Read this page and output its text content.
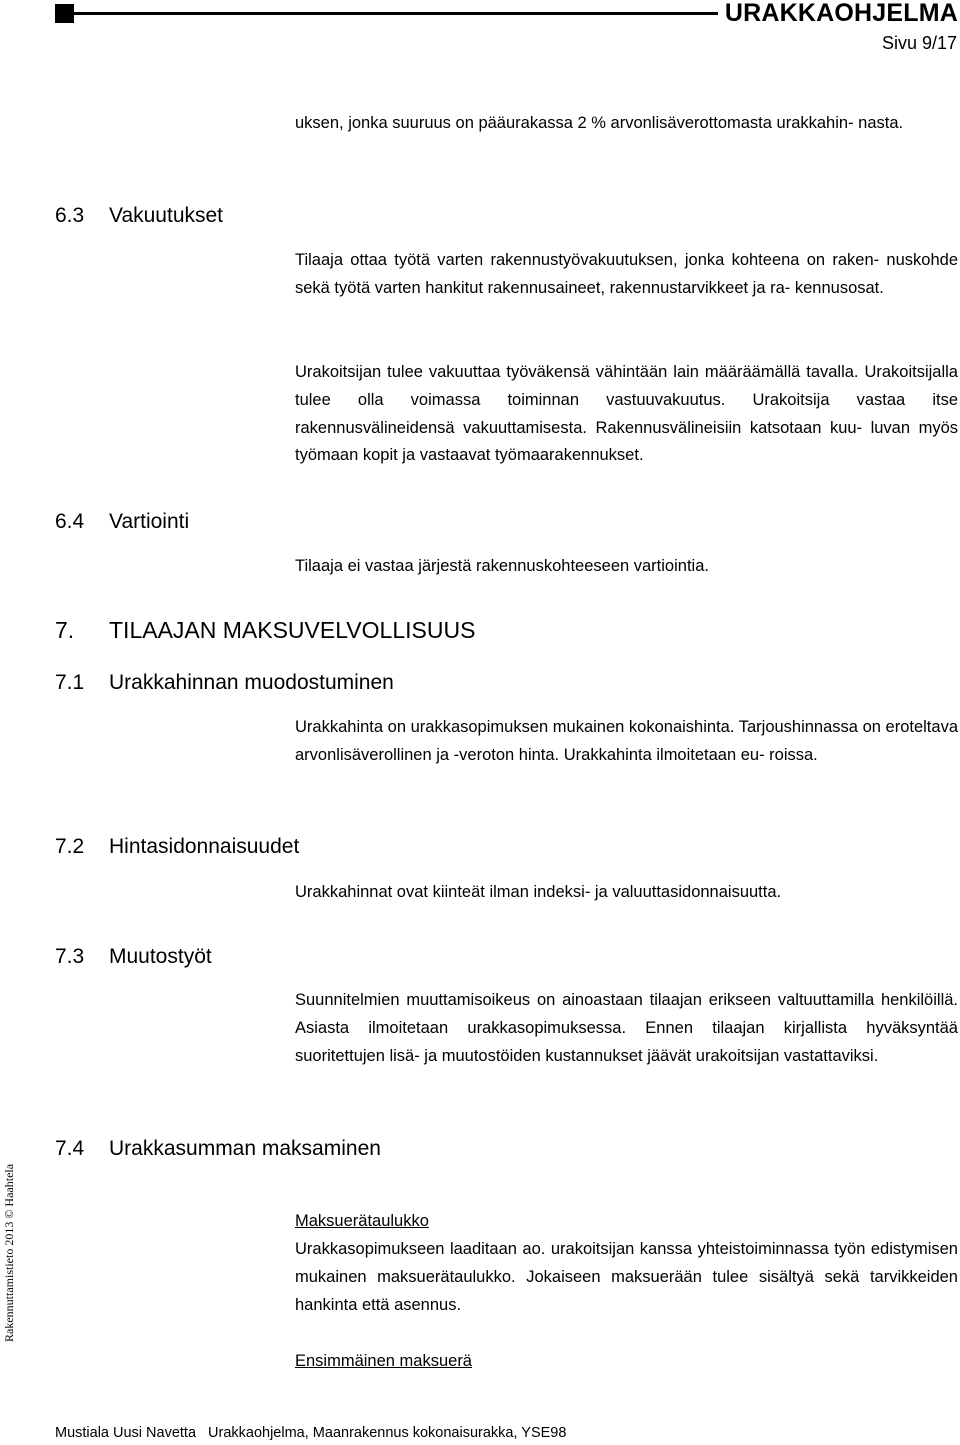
URAKKAOHJELMA
Sivu 9/17

uksen, jonka suuruus on pääurakassa 2 % arvonlisäverottomasta urakkahin- nasta.

6.3 Vakuutukset

Tilaaja ottaa työtä varten rakennustyövakuutuksen, jonka kohteena on raken- nuskohde sekä työtä varten hankitut rakennusaineet, rakennustarvikkeet ja ra- kennusosat.

Urakoitsijan tulee vakuuttaa työväkensä vähintään lain määräämällä tavalla. Urakoitsijalla tulee olla voimassa toiminnan vastuuvakuutus. Urakoitsija vastaa itse rakennusvälineidensä vakuuttamisesta. Rakennusvälineisiin katsotaan kuu- luvan myös työmaan kopit ja vastaavat työmaarakennukset.

6.4 Vartiointi

Tilaaja ei vastaa järjestä rakennuskohteeseen vartiointia.

7. TILAAJAN MAKSUVELVOLLISUUS
7.1 Urakkahinnan muodostuminen

Urakkahinta on urakkasopimuksen mukainen kokonaishinta. Tarjoushinnassa on eroteltava arvonlisäverollinen ja -veroton hinta. Urakkahinta ilmoitetaan eu- roissa.

7.2 Hintasidonnaisuudet

Urakkahinnat ovat kiinteät ilman indeksi- ja valuuttasidonnaisuutta.

7.3 Muutostyöt

Suunnitelmien muuttamisoikeus on ainoastaan tilaajan erikseen valtuuttamilla henkilöillä. Asiasta ilmoitetaan urakkasopimuksessa. Ennen tilaajan kirjallista hyväksyntää suoritettujen lisä- ja muutostöiden kustannukset jäävät urakoitsijan vastattaviksi.

7.4 Urakkasumman maksaminen

Maksuerätaulukko

Urakkasopimukseen laaditaan ao. urakoitsijan kanssa yhteistoiminnassa työn edistymisen mukainen maksuerätaulukko. Jokaiseen maksuerään tulee sisältyä sekä tarvikkeiden hankinta että asennus.

Ensimmäinen maksuerä

Rakennuttamistieto 2013 © Haahtela
Mustiala Uusi Navetta Urakkaohjelma, Maanrakennus kokonaisurakka, YSE98
